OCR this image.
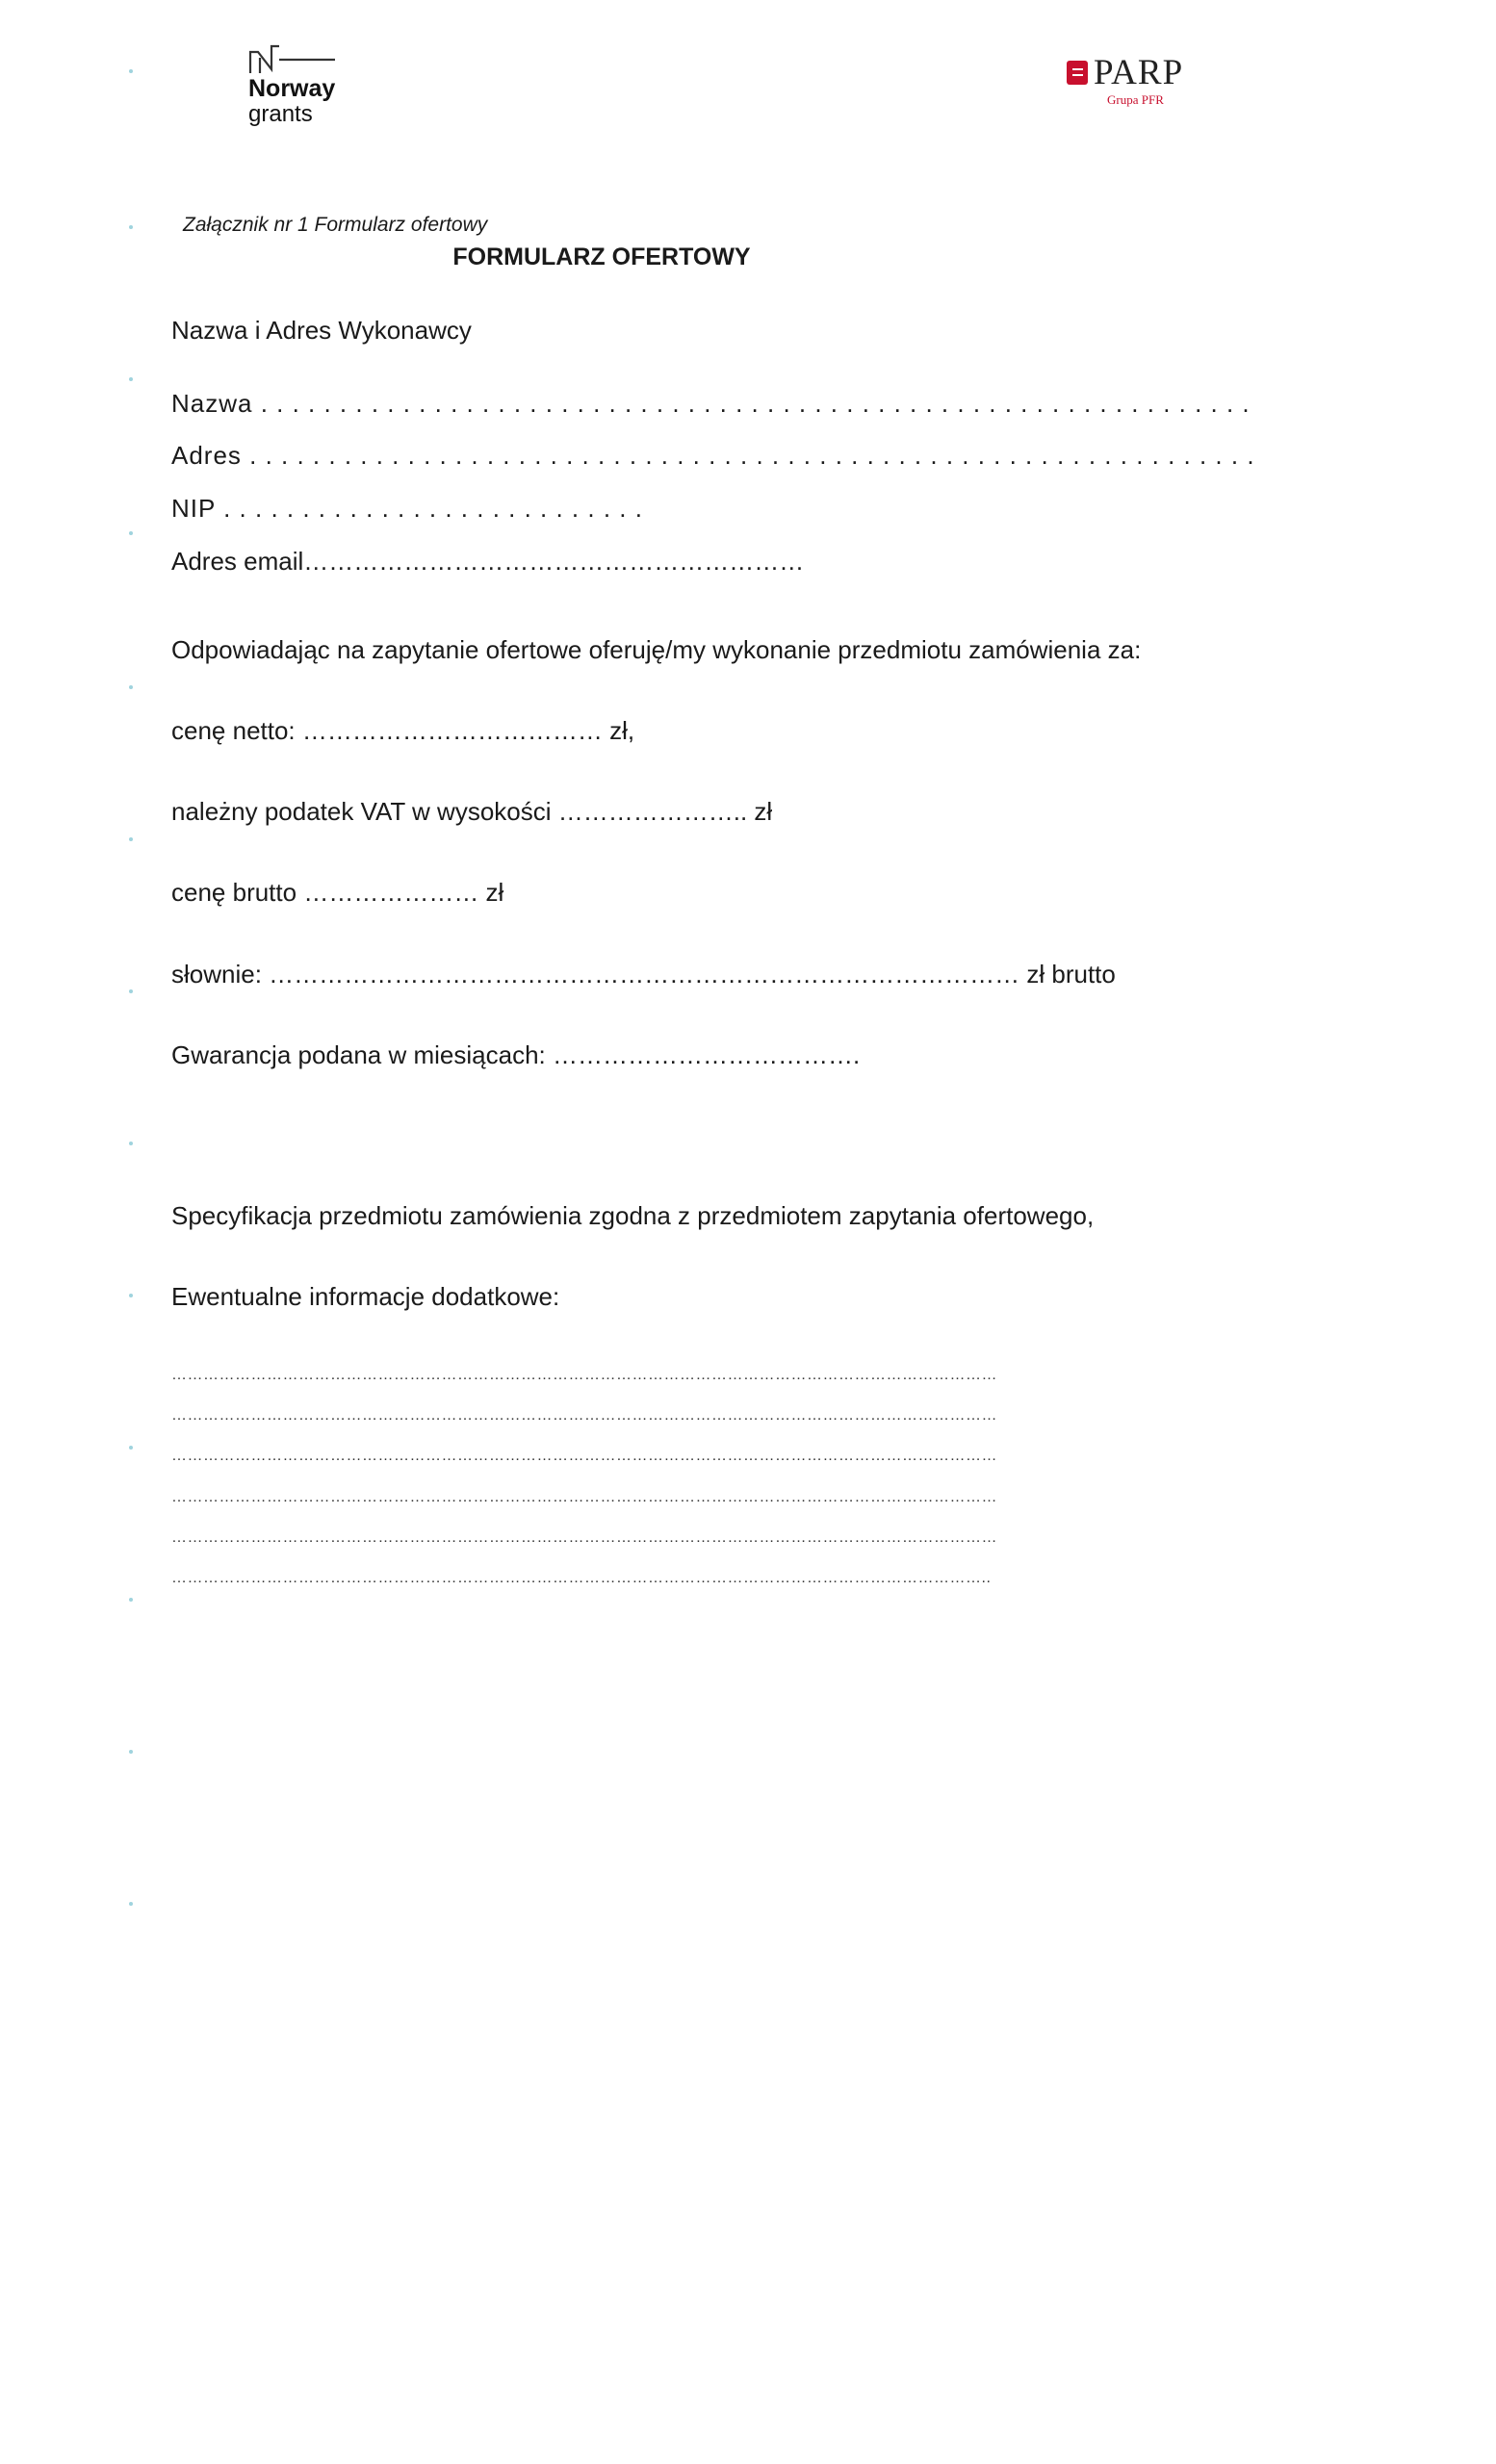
Norway
grants
PARP
Grupa PFR
Załącznik nr 1 Formularz ofertowy
FORMULARZ OFERTOWY
Nazwa i Adres Wykonawcy
Nazwa . . . . . . . . . . . . . . . . . . . . . . . . . . . . . . . . . . . . . . . . . . . . . . . . . . . . . . . . . . . . . . .
Adres . . . . . . . . . . . . . . . . . . . . . . . . . . . . . . . . . . . . . . . . . . . . . . . . . . . . . . . . . . . . . . . .
NIP . . . . . . . . . . . . . . . . . . . . . . . . . . .
Adres email……………………………………………………
Odpowiadając na zapytanie ofertowe oferuję/my wykonanie przedmiotu zamówienia za:
cenę netto: ……………………………… zł,
należny podatek VAT w wysokości ………………….. zł
cenę brutto ………………… zł
słownie: ……………………………………………………………………………… zł brutto
Gwarancja podana w miesiącach: ……………………………….
Specyfikacja przedmiotu zamówienia zgodna z przedmiotem zapytania ofertowego,
Ewentualne informacje dodatkowe:
…………………………………………………………………………………………………………………………………………
…………………………………………………………………………………………………………………………………………
…………………………………………………………………………………………………………………………………………
…………………………………………………………………………………………………………………………………………
…………………………………………………………………………………………………………………………………………
………………………………………………………………………………………………………………………………………..
